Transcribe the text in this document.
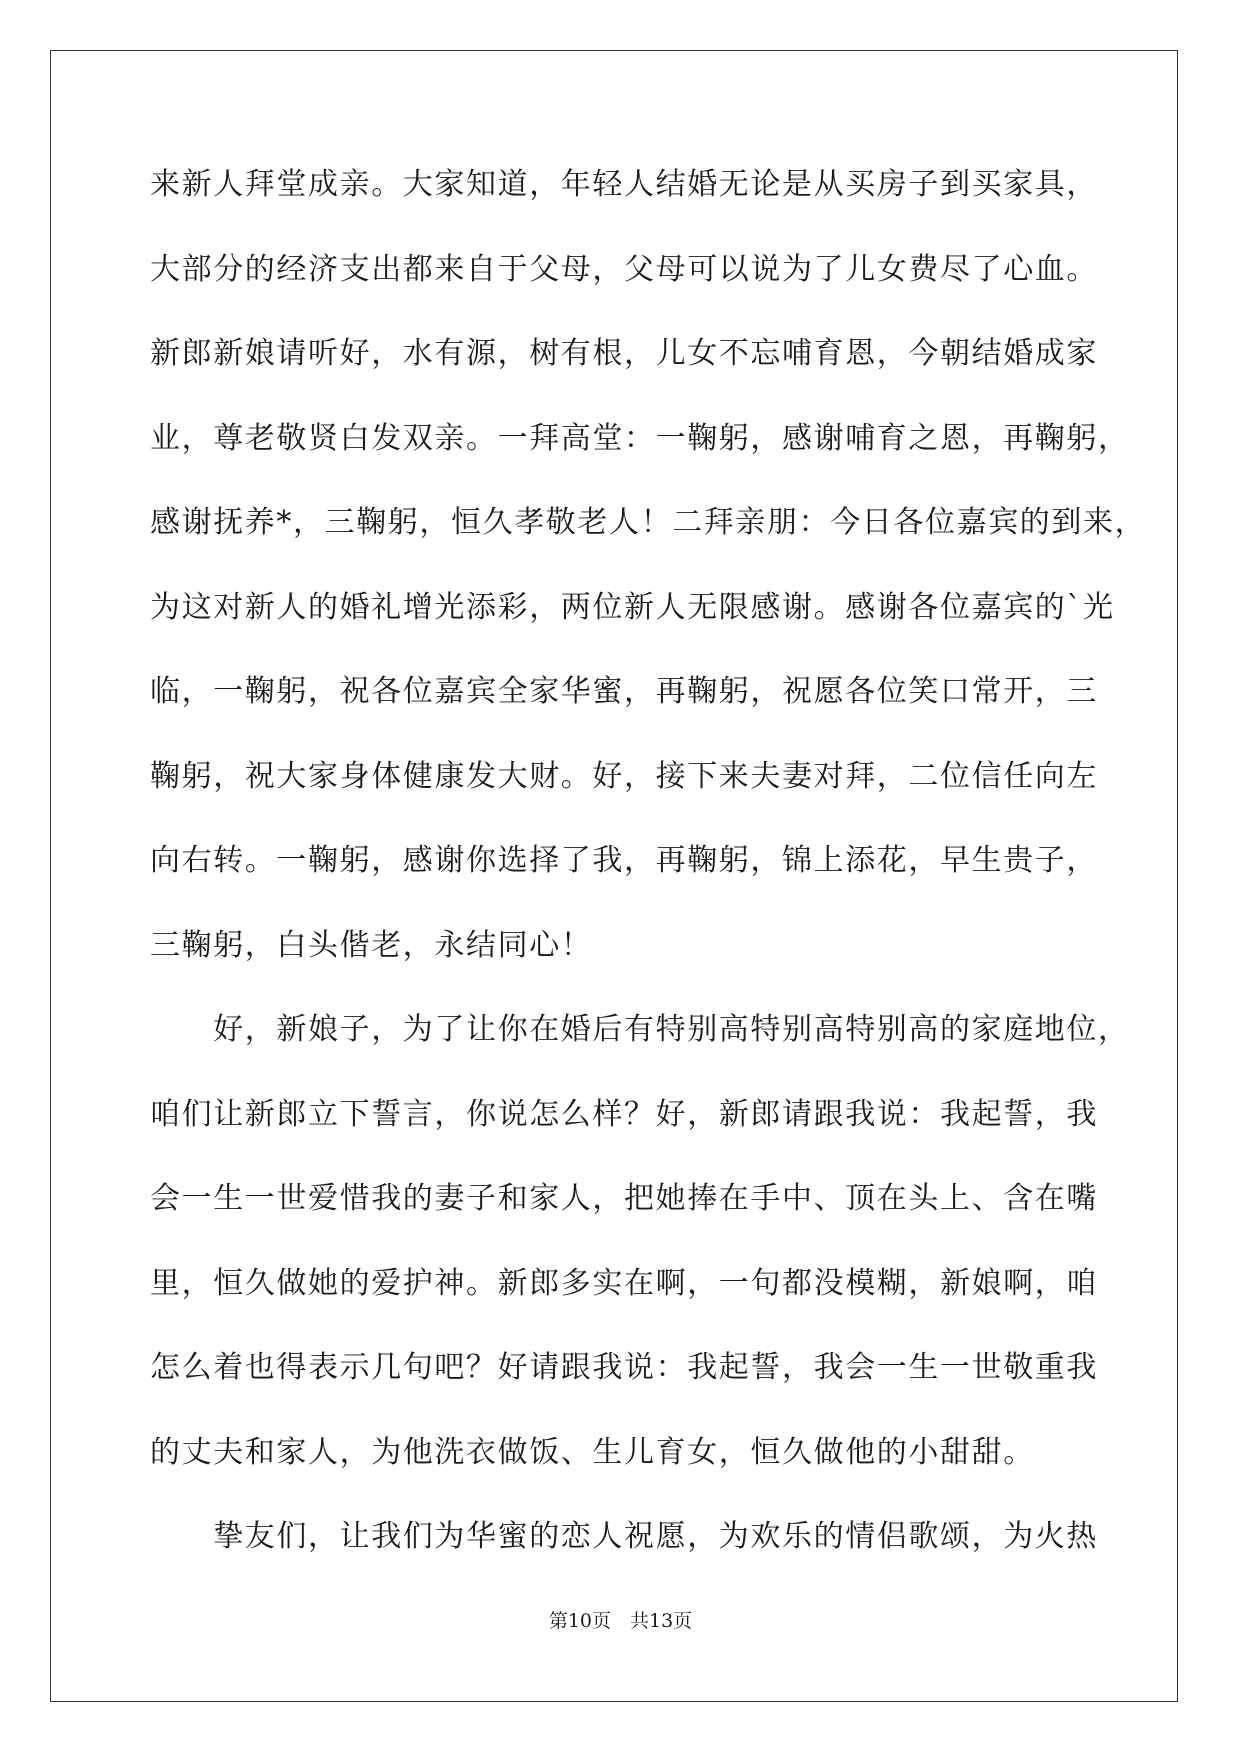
来新人拜堂成亲。大家知道，年轻人结婚无论是从买房子到买家具，
大部分的经济支出都来自于父母，父母可以说为了儿女费尽了心血。
新郎新娘请听好，水有源，树有根，儿女不忘哺育恩，今朝结婚成家
业，尊老敬贤白发双亲。一拜高堂：一鞠躬，感谢哺育之恩，再鞠躬，
感谢抚养*，三鞠躬，恒久孝敬老人！二拜亲朋：今日各位嘉宾的到来，
为这对新人的婚礼增光添彩，两位新人无限感谢。感谢各位嘉宾的`光
临，一鞠躬，祝各位嘉宾全家华蜜，再鞠躬，祝愿各位笑口常开，三
鞠躬，祝大家身体健康发大财。好，接下来夫妻对拜，二位信任向左
向右转。一鞠躬，感谢你选择了我，再鞠躬，锦上添花，早生贵子，
三鞠躬，白头偕老，永结同心！
　　好，新娘子，为了让你在婚后有特别高特别高特别高的家庭地位，
咱们让新郎立下誓言，你说怎么样？好，新郎请跟我说：我起誓，我
会一生一世爱惜我的妻子和家人，把她捧在手中、顶在头上、含在嘴
里，恒久做她的爱护神。新郎多实在啊，一句都没模糊，新娘啊，咱
怎么着也得表示几句吧？好请跟我说：我起誓，我会一生一世敬重我
的丈夫和家人，为他洗衣做饭、生儿育女，恒久做他的小甜甜。
　　挚友们，让我们为华蜜的恋人祝愿，为欢乐的情侣歌颂，为火热
第10页　共13页
